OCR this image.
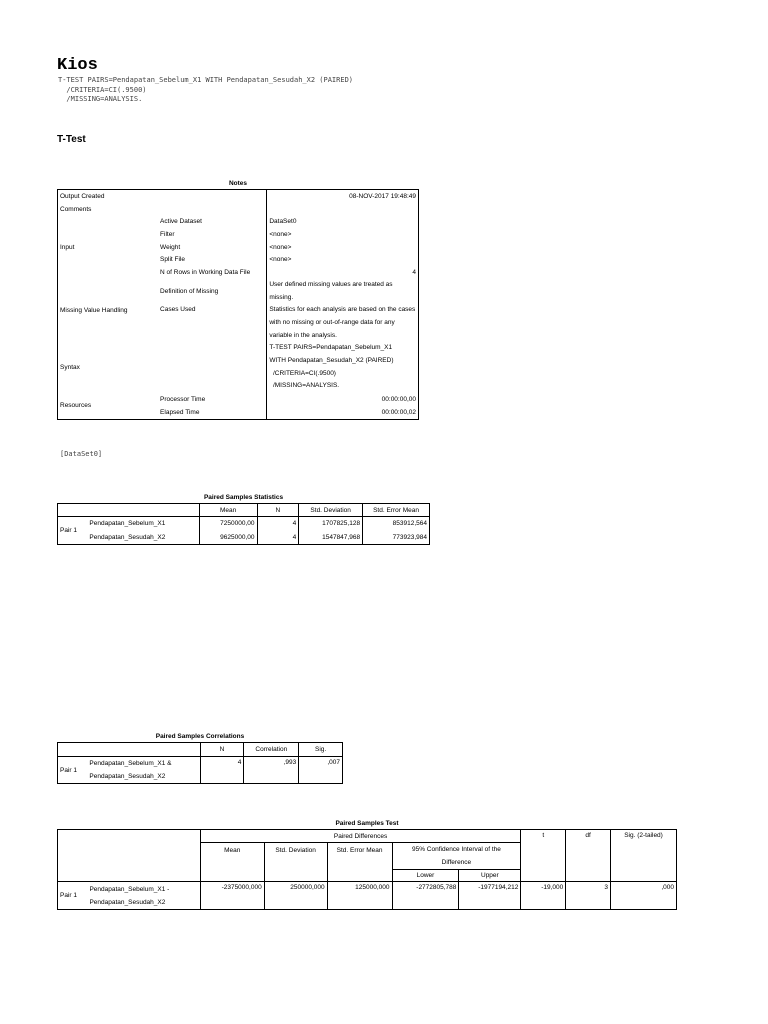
Kios
T-TEST PAIRS=Pendapatan_Sebelum_X1 WITH Pendapatan_Sesudah_X2 (PAIRED)
/CRITERIA=CI(.9500)
/MISSING=ANALYSIS.
T-Test
Notes
Output Created		08-NOV-2017 19:48:49
Comments		
Input	Active Dataset	DataSet0
	Filter	<none>
	Weight	<none>
	Split File	<none>
	N of Rows in Working Data File	4
Missing Value Handling	Definition of Missing	User defined missing values are treated as missing.
	Cases Used	Statistics for each analysis are based on the cases with no missing or out-of-range data for any variable in the analysis.
Syntax		T-TEST PAIRS=Pendapatan_Sebelum_X1
WITH Pendapatan_Sesudah_X2 (PAIRED)
/CRITERIA=CI(.9500)
/MISSING=ANALYSIS.

Resources	Processor Time	00:00:00,00
	Elapsed Time	00:00:00,02
[DataSet0]
Paired Samples Statistics
		Mean	N	Std. Deviation	Std. Error Mean
Pair 1	Pendapatan_Sebelum_X1	7250000,00	4	1707825,128	853912,564
	Pendapatan_Sesudah_X2	9625000,00	4	1547847,968	773923,984
Paired Samples Correlations
		N	Correlation	Sig.
Pair 1	Pendapatan_Sebelum_X1 &
Pendapatan_Sesudah_X2	4	,993	,007
Paired Samples Test
		Paired Differences					t	df	Sig. (2-tailed)
		Mean	Std. Deviation	Std. Error Mean	95% Confidence Interval of the				
					Difference				
					Lower	Upper			
Pair 1	Pendapatan_Sebelum_X1 -
Pendapatan_Sesudah_X2	-2375000,000	250000,000	125000,000	-2772805,788	-1977194,212	-19,000	3	,000
